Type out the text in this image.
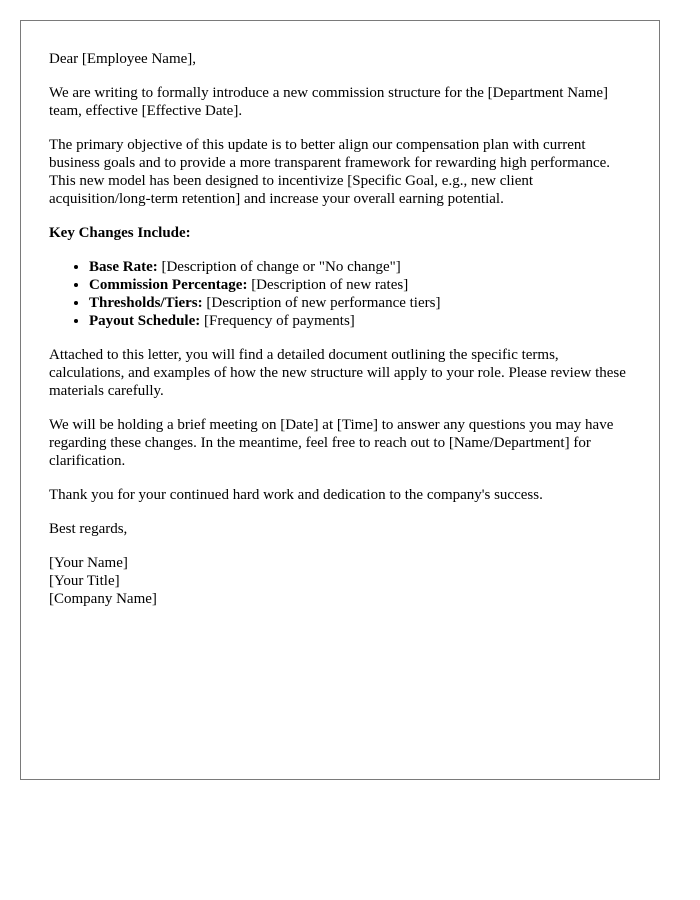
Dear [Employee Name],

We are writing to formally introduce a new commission structure for the [Department Name] team, effective [Effective Date].

The primary objective of this update is to better align our compensation plan with current business goals and to provide a more transparent framework for rewarding high performance. This new model has been designed to incentivize [Specific Goal, e.g., new client acquisition/long-term retention] and increase your overall earning potential.

Key Changes Include:

• Base Rate: [Description of change or "No change"]
• Commission Percentage: [Description of new rates]
• Thresholds/Tiers: [Description of new performance tiers]
• Payout Schedule: [Frequency of payments]

Attached to this letter, you will find a detailed document outlining the specific terms, calculations, and examples of how the new structure will apply to your role. Please review these materials carefully.

We will be holding a brief meeting on [Date] at [Time] to answer any questions you may have regarding these changes. In the meantime, feel free to reach out to [Name/Department] for clarification.

Thank you for your continued hard work and dedication to the company's success.

Best regards,

[Your Name]
[Your Title]
[Company Name]
